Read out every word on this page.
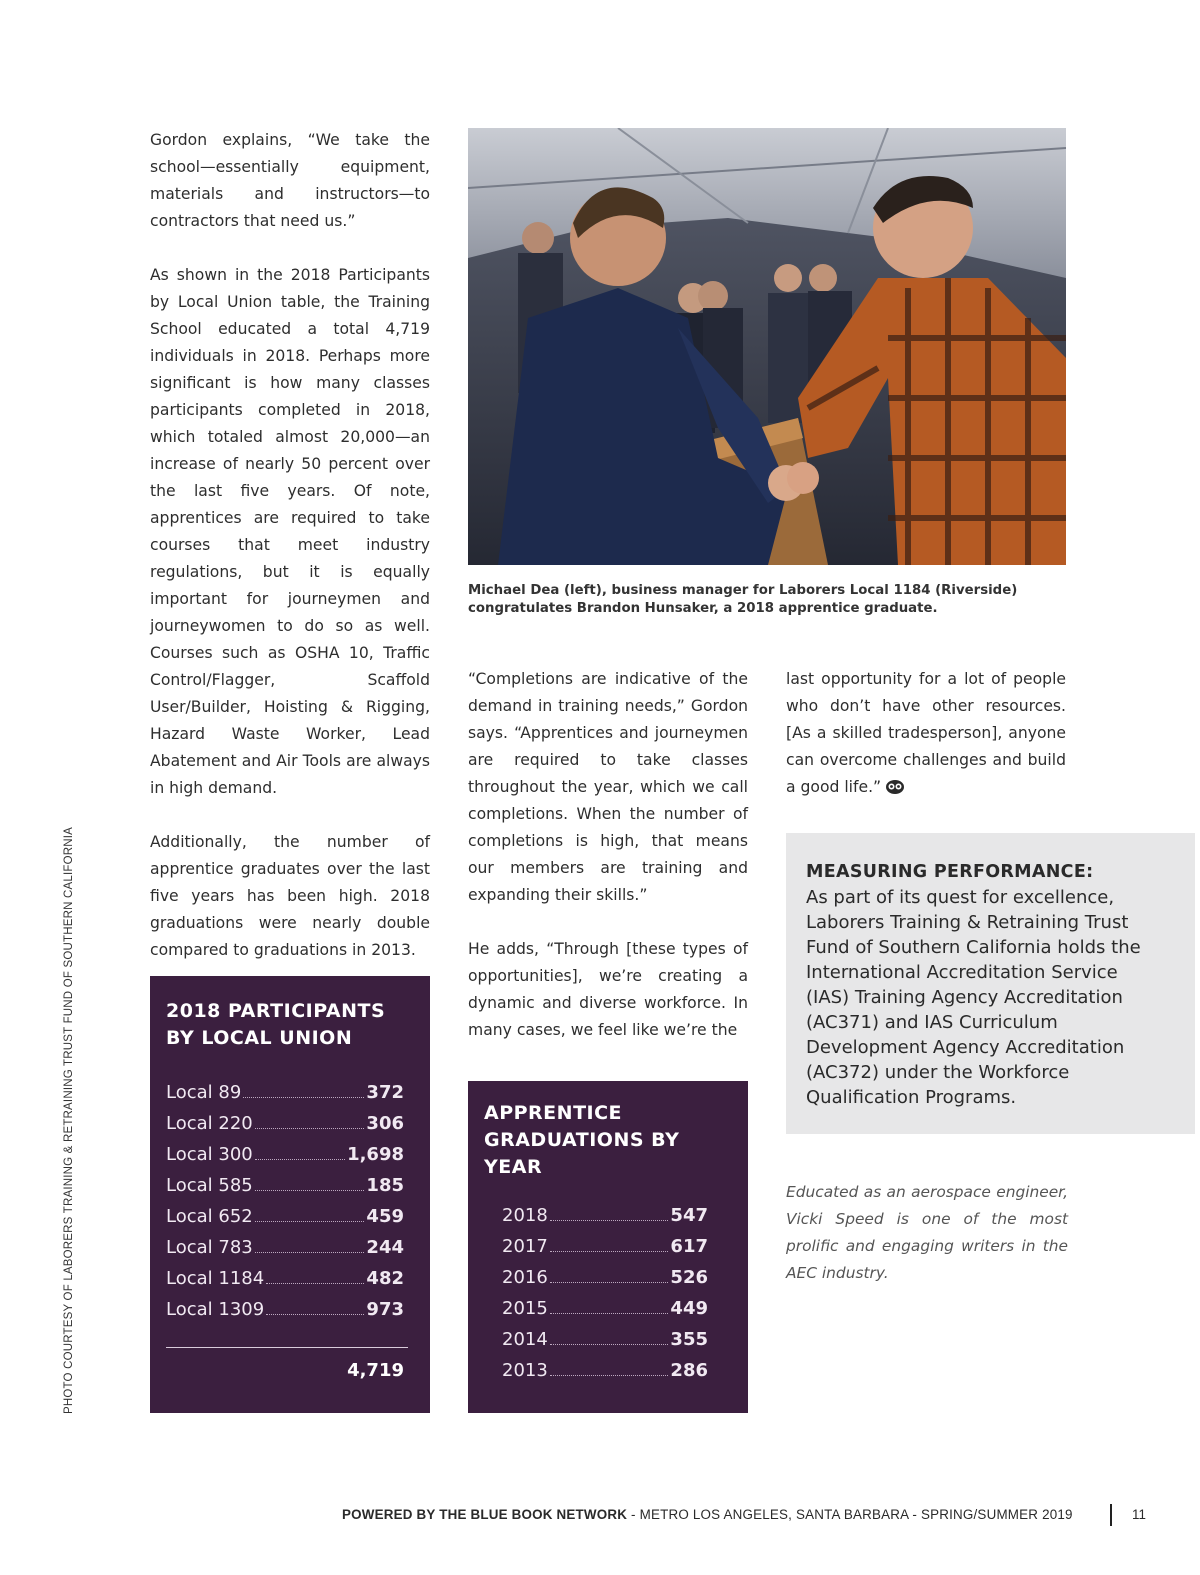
Gordon explains, “We take the school—essentially equipment, materials and instructors—to contractors that need us.”

As shown in the 2018 Participants by Local Union table, the Training School educated a total 4,719 individuals in 2018. Perhaps more significant is how many classes participants completed in 2018, which totaled almost 20,000—an increase of nearly 50 percent over the last five years. Of note, apprentices are required to take courses that meet industry regulations, but it is equally important for journeymen and journeywomen to do so as well. Courses such as OSHA 10, Traffic Control/Flagger, Scaffold User/Builder, Hoisting & Rigging, Hazard Waste Worker, Lead Abatement and Air Tools are always in high demand.

Additionally, the number of apprentice graduates over the last five years has been high. 2018 graduations were nearly double compared to graduations in 2013.

Michael Dea (left), business manager for Laborers Local 1184 (Riverside) congratulates Brandon Hunsaker, a 2018 apprentice graduate.

“Completions are indicative of the demand in training needs,” Gordon says. “Apprentices and journeymen are required to take classes throughout the year, which we call completions. When the number of completions is high, that means our members are training and expanding their skills.”

He adds, “Through [these types of opportunities], we’re creating a dynamic and diverse workforce. In many cases, we feel like we’re the

last opportunity for a lot of people who don’t have other resources. [As a skilled tradesperson], anyone can overcome challenges and build a good life.”

2018 PARTICIPANTS BY LOCAL UNION
Local 89	372
Local 220	306
Local 300	1,698
Local 585	185
Local 652	459
Local 783	244
Local 1184	482
Local 1309	973
4,719
APPRENTICE GRADUATIONS BY YEAR
2018	547
2017	617
2016	526
2015	449
2014	355
2013	286
MEASURING PERFORMANCE:

As part of its quest for excellence, Laborers Training & Retraining Trust Fund of Southern California holds the International Accreditation Service (IAS) Training Agency Accreditation (AC371) and IAS Curriculum Development Agency Accreditation (AC372) under the Workforce Qualification Programs.

Educated as an aerospace engineer, Vicki Speed is one of the most prolific and engaging writers in the AEC industry.

PHOTO COURTESY OF LABORERS TRAINING & RETRAINING TRUST FUND OF SOUTHERN CALIFORNIA
POWERED BY THE BLUE BOOK NETWORK - METRO LOS ANGELES, SANTA BARBARA - SPRING/SUMMER 2019	11
